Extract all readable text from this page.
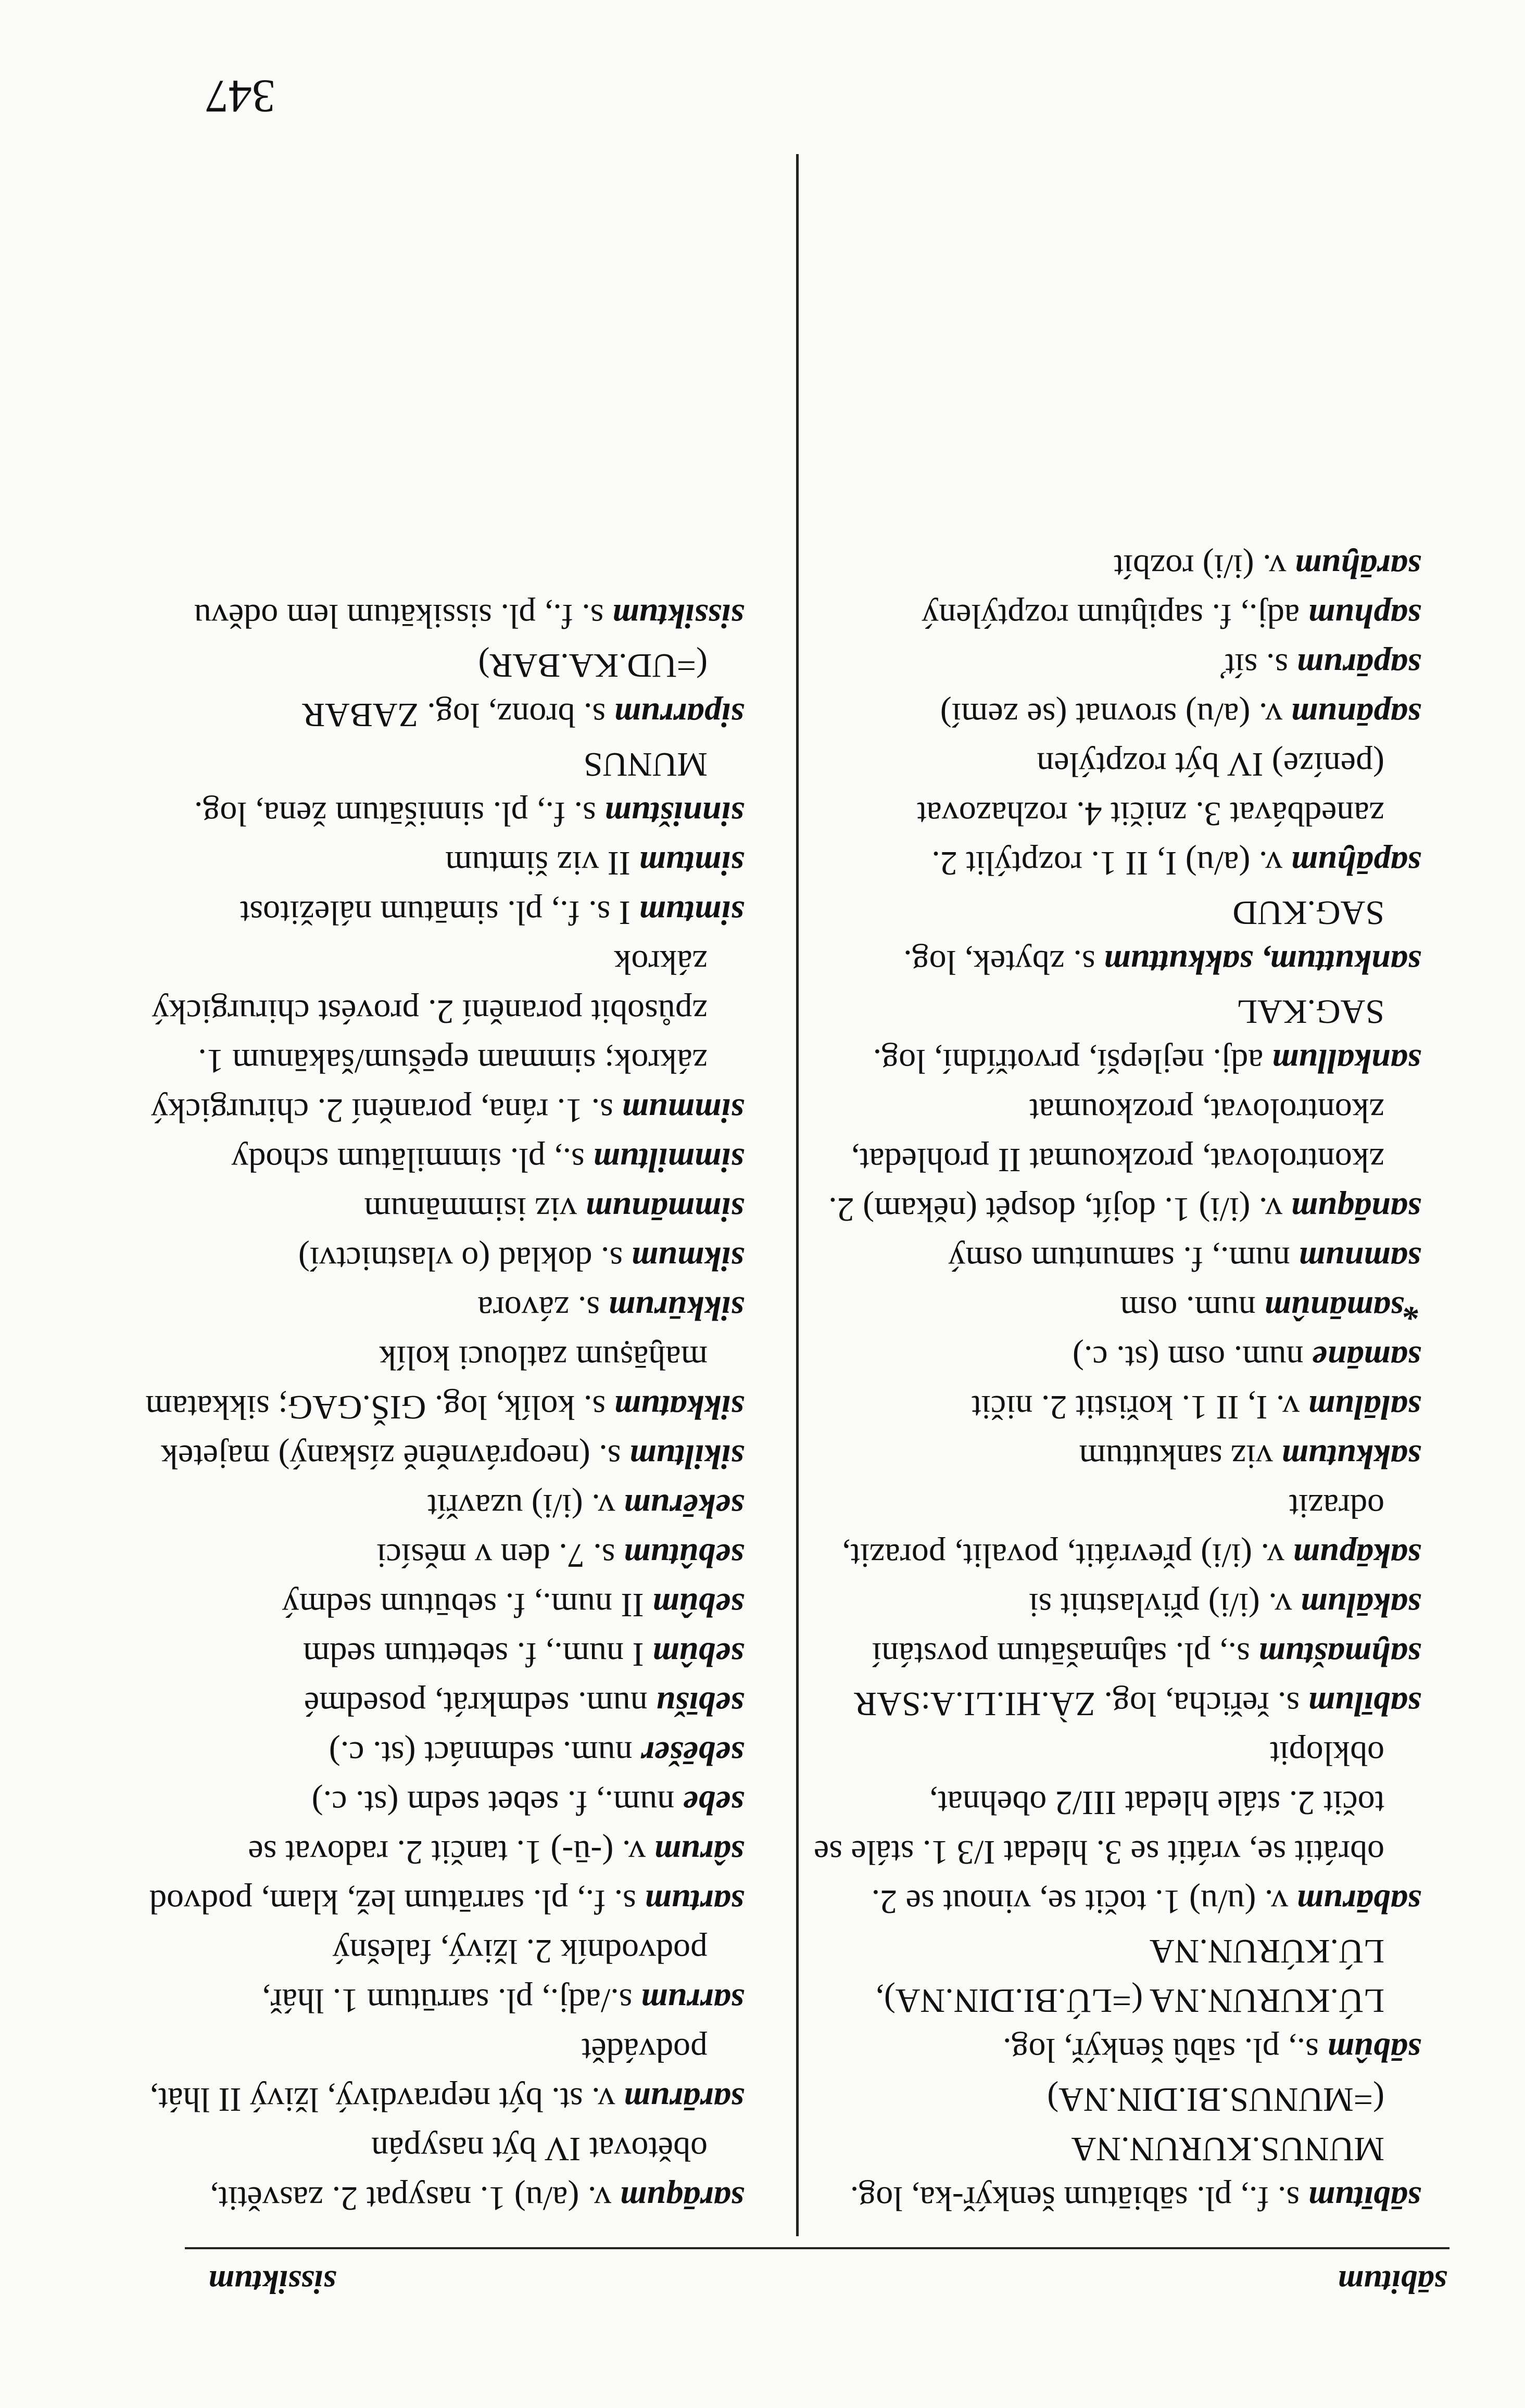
sābitum
sissiktum

sābītum s. f., pl. sābiātum šenkýř-ka, log. MUNUS.KURUN.NA (=MUNUS.BI.DIN.NA)

sābûm s., pl. sābû šenkýř, log. LÚ.KURUN.NA (=LÚ.BI.DIN.NA), LÚ.KÚRUN.NA

sabārum v. (u/u) 1. točit se, vinout se 2. obrátit se, vrátit se 3. hledat I/3 1. stále se točit 2. stále hledat III/2 obehnat, obklopit

sabīlum s. řeřicha, log. ZÀ.HI.LI.A:SAR

saḫmaštum s., pl. saḫmašātum povstání

sakālum v. (i/i) přivlastnit si

sakāpum v. (i/i) převrátit, povalit, porazit, odrazit

sakkutum viz sankuttum

salālum v. I, II 1. kořistit 2. ničit

samāne num. osm (st. c.)

*samānûm num. osm

samnum num., f. samuntum osmý

sanāqum v. (i/i) 1. dojít, dospět (někam) 2. zkontrolovat, prozkoumat II prohledat, zkontrolovat, prozkoumat

sankallum adj. nejlepší, prvotřídní, log. SAG.KAL

sankuttum, sakkuttum s. zbytek, log. SAG.KUD

sapāḫum v. (a/u) I, II 1. rozptýlit 2. zanedbávat 3. zničit 4. rozhazovat (peníze) IV být rozptýlen

sapānum v. (a/u) srovnat (se zemí)

sapārum s. síť

saphum adj., f. sapiḫtum rozptýlený

sarāḫum v. (i/i) rozbít

sarāqum v. (a/u) 1. nasypat 2. zasvětit, obětovat IV být nasypán

sarārum v. st. být nepravdivý, lživý II lhát, podvádět

sarrum s./adj., pl. sarrūtum 1. lhář, podvodník 2. lživý, falešný

sartum s. f., pl. sarrātum lež, klam, podvod

sârum v. (-ū-) 1. tančit 2. radovat se

sebe num., f. sebet sedm (st. c.)

sebēšer num. sedmnáct (st. c.)

sebīšu num. sedmkrát, posedmé

sebûm I num., f. sebettum sedm

sebûm II num., f. sebūtum sedmý

sebûtum s. 7. den v měsíci

sekērum v. (i/i) uzavřít

sikiltum s. (neoprávněně získaný) majetek

sikkatum s. kolík, log. GIŠ.GAG; sikkatam maḫāṣum zatlouci kolík

sikkūrum s. závora

sikmum s. doklad (o vlastnictví)

simmānum viz isimmānum

simmiltum s., pl. simmilātum schody

simmum s. 1. rána, poranění 2. chirurgický zákrok; simmam epēšum/šakānum 1. způsobit poranění 2. provést chirurgický zákrok

simtum I s. f., pl. simātum náležitost

simtum II viz šimtum

sinništum s. f., pl. sinnišātum žena, log. MUNUS

siparrum s. bronz, log. ZABAR (=UD.KA.BAR)

sissiktum s. f., pl. sissikātum lem oděvu

347
